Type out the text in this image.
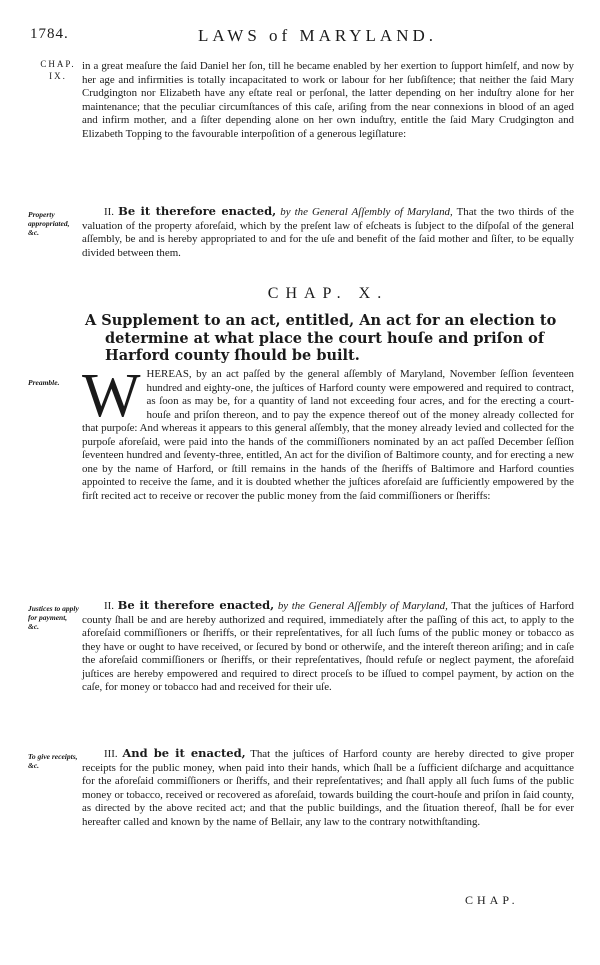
1784.	LAWS of MARYLAND.
CHAP.
IX.

in a great meaſure the ſaid Daniel her ſon, till he became enabled by her exertion to ſupport himſelf, and now by her age and infirmities is totally incapacitated to work or labour for her ſubſiſtence; that neither the ſaid Mary Crudgington nor Elizabeth have any eſtate real or perſonal, the latter depending on her induſtry alone for her maintenance; that the peculiar circumſtances of this caſe, ariſing from the near connexions in blood of an aged and infirm mother, and a ſiſter depending alone on her own induſtry, entitle the ſaid Mary Crudgington and Elizabeth Topping to the favourable interpoſition of a generous legiſlature:

Property appropriated, &c.

II. Be it therefore enacted, by the General Aſſembly of Maryland, That the two thirds of the valuation of the property aforeſaid, which by the preſent law of eſcheats is ſubject to the diſpoſal of the general aſſembly, be and is hereby appropriated to and for the uſe and benefit of the ſaid mother and ſiſter, to be equally divided between them.

CHAP. X.
A Supplement to an act, entitled, An act for an election to
determine at what place the court houſe and priſon of Harford county ſhould be built.
Preamble. WHEREAS, by an act paſſed by the general aſſembly of Maryland, November ſeſſion ſeventeen hundred and eighty-one, the juſtices of Harford county were empowered and required to contract, as ſoon as may be, for a quantity of land not exceeding four acres, and for the erecting a court-houſe and priſon thereon, and to pay the expence thereof out of the money already collected for that purpoſe: And whereas it appears to this general aſſembly, that the money already levied and collected for the purpoſe aforeſaid, were paid into the hands of the commiſſioners nominated by an act paſſed December ſeſſion ſeventeen hundred and ſeventy-three, entitled, An act for the diviſion of Baltimore county, and for erecting a new one by the name of Harford, or ſtill remains in the hands of the ſheriffs of Baltimore and Harford counties appointed to receive the ſame, and it is doubted whether the juſtices aforeſaid are ſufficiently empowered by the firſt recited act to receive or recover the public money from the ſaid commiſſioners or ſheriffs:

Justices to apply for payment, &c.

II. Be it therefore enacted, by the General Aſſembly of Maryland, That the juſtices of Harford county ſhall be and are hereby authorized and required, immediately after the paſſing of this act, to apply to the aforeſaid commiſſioners or ſheriffs, or their repreſentatives, for all ſuch ſums of the public money or tobacco as they have or ought to have received, or ſecured by bond or otherwiſe, and the intereſt thereon ariſing; and in caſe the aforeſaid commiſſioners or ſheriffs, or their repreſentatives, ſhould refuſe or neglect payment, the aforeſaid juſtices are hereby empowered and required to direct proceſs to be iſſued to compel payment, by action on the caſe, for money or tobacco had and received for their uſe.

To give receipts, &c.

III. And be it enacted, That the juſtices of Harford county are hereby directed to give proper receipts for the public money, when paid into their hands, which ſhall be a ſufficient diſcharge and acquittance for the aforeſaid commiſſioners or ſheriffs, and their repreſentatives; and ſhall apply all ſuch ſums of the public money or tobacco, received or recovered as aforeſaid, towards building the court-houſe and priſon in ſaid county, as directed by the above recited act; and that the public buildings, and the ſituation thereof, ſhall be for ever hereafter called and known by the name of Bellair, any law to the contrary notwithſtanding.

CHAP.
